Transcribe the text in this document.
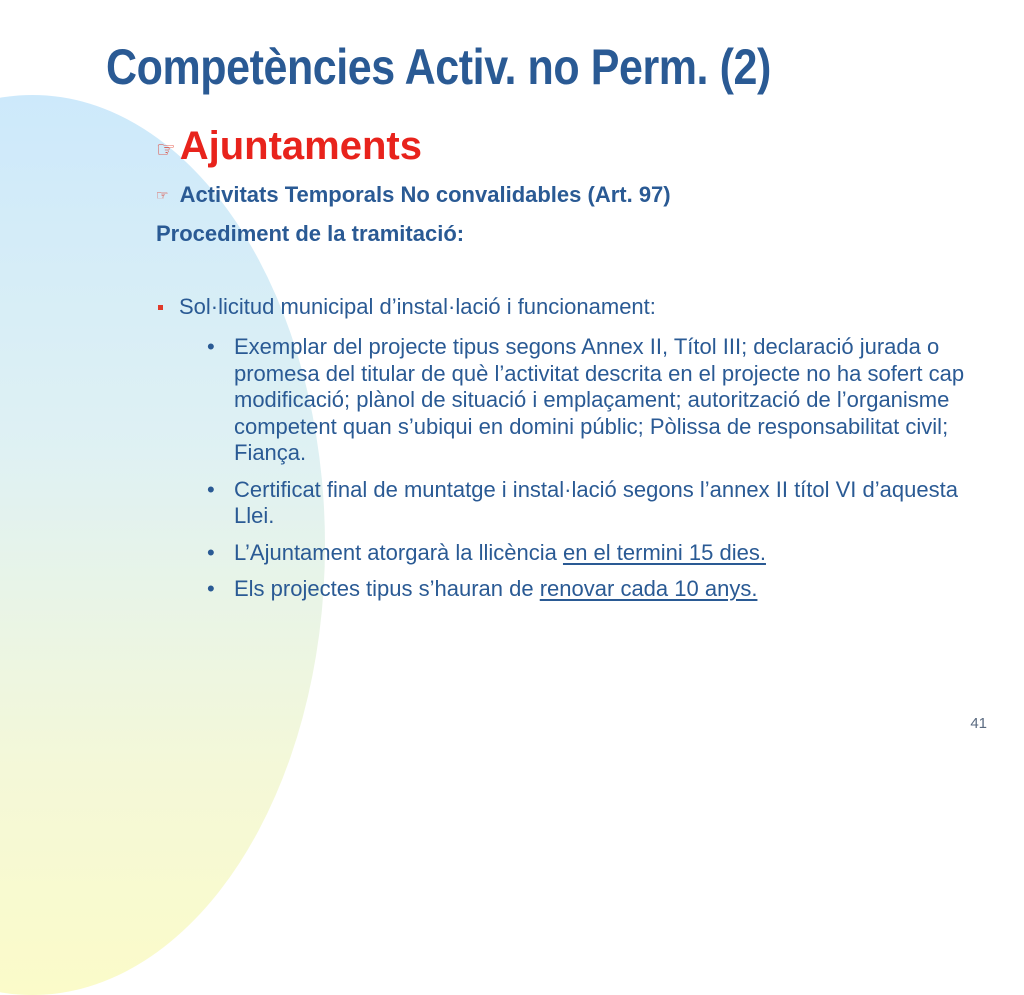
Competències Activ. no Perm. (2)
☞ Ajuntaments
☞ Activitats Temporals No convalidables (Art. 97)
Procediment de la tramitació:
Sol·licitud municipal d’instal·lació i funcionament:
• Exemplar del projecte tipus segons Annex II, Títol III; declaració jurada o promesa del titular de què l’activitat descrita en el projecte no ha sofert cap modificació; plànol de situació i emplaçament; autorització de l’organisme competent quan s’ubiqui en domini públic; Pòlissa de responsabilitat civil; Fiança.
• Certificat final de muntatge i instal·lació segons l’annex II títol VI d’aquesta Llei.
• L’Ajuntament atorgarà la llicència en el termini 15 dies.
• Els projectes tipus s’hauran de renovar cada 10 anys.
41
